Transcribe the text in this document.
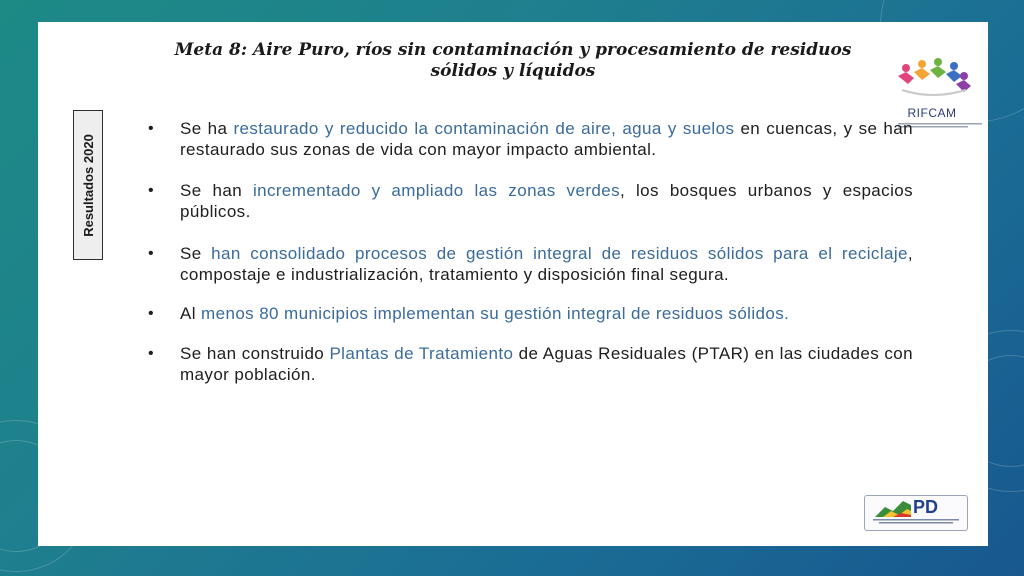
Meta 8: Aire Puro, ríos sin contaminación y procesamiento de residuos
sólidos y líquidos
RIFCAM
Resultados 2020
• Se ha restaurado y reducido la contaminación de aire, agua y suelos en cuencas, y se han restaurado sus zonas de vida con mayor impacto ambiental.
• Se han incrementado y ampliado las zonas verdes, los bosques urbanos y espacios públicos.
• Se han consolidado procesos de gestión integral de residuos sólidos para el reciclaje, compostaje e industrialización, tratamiento y disposición final segura.
• Al menos 80 municipios implementan su gestión integral de residuos sólidos.
• Se han construido Plantas de Tratamiento de Aguas Residuales (PTAR) en las ciudades con mayor población.
PD
